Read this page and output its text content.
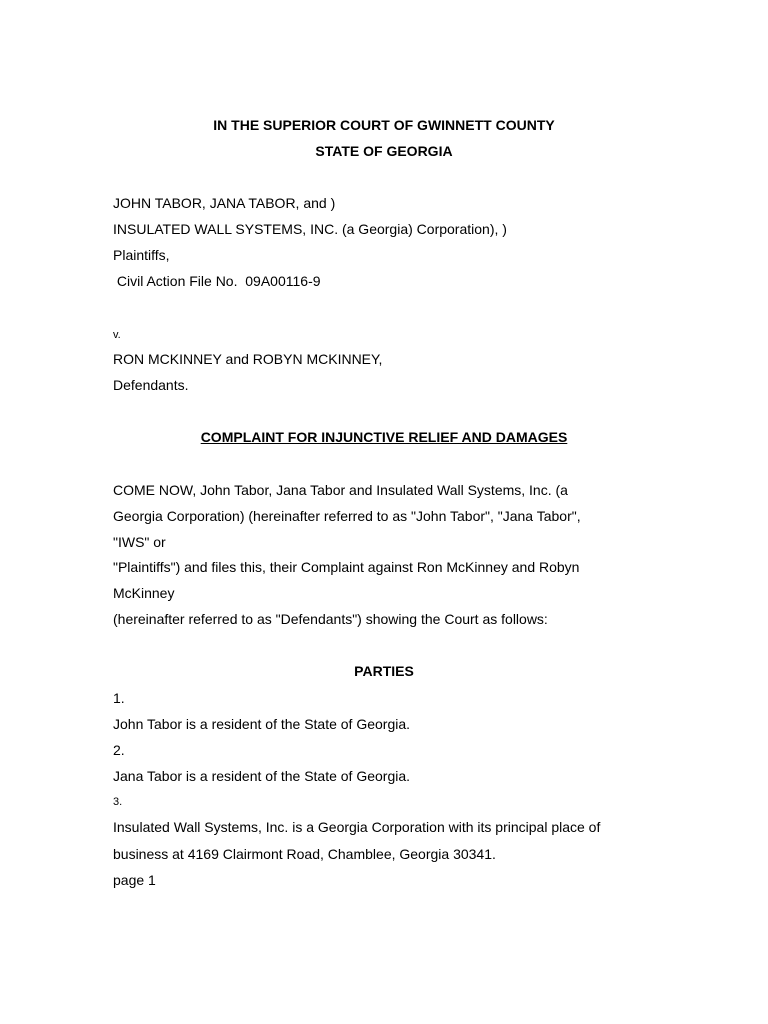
IN THE SUPERIOR COURT OF GWINNETT COUNTY

STATE OF GEORGIA

JOHN TABOR, JANA TABOR, and )

INSULATED WALL SYSTEMS, INC. (a Georgia) Corporation), )

Plaintiffs,

Civil Action File No.  09A00116-9

v.

RON MCKINNEY and ROBYN MCKINNEY,

Defendants.

COMPLAINT FOR INJUNCTIVE RELIEF AND DAMAGES

COME NOW, John Tabor, Jana Tabor and Insulated Wall Systems, Inc. (a

Georgia Corporation) (hereinafter referred to as "John Tabor", "Jana Tabor",

"IWS" or

"Plaintiffs") and files this, their Complaint against Ron McKinney and Robyn

McKinney

(hereinafter referred to as "Defendants") showing the Court as follows:

PARTIES

1.

John Tabor is a resident of the State of Georgia.

2.

Jana Tabor is a resident of the State of Georgia.

3.

Insulated Wall Systems, Inc. is a Georgia Corporation with its principal place of

business at 4169 Clairmont Road, Chamblee, Georgia 30341.

page 1
